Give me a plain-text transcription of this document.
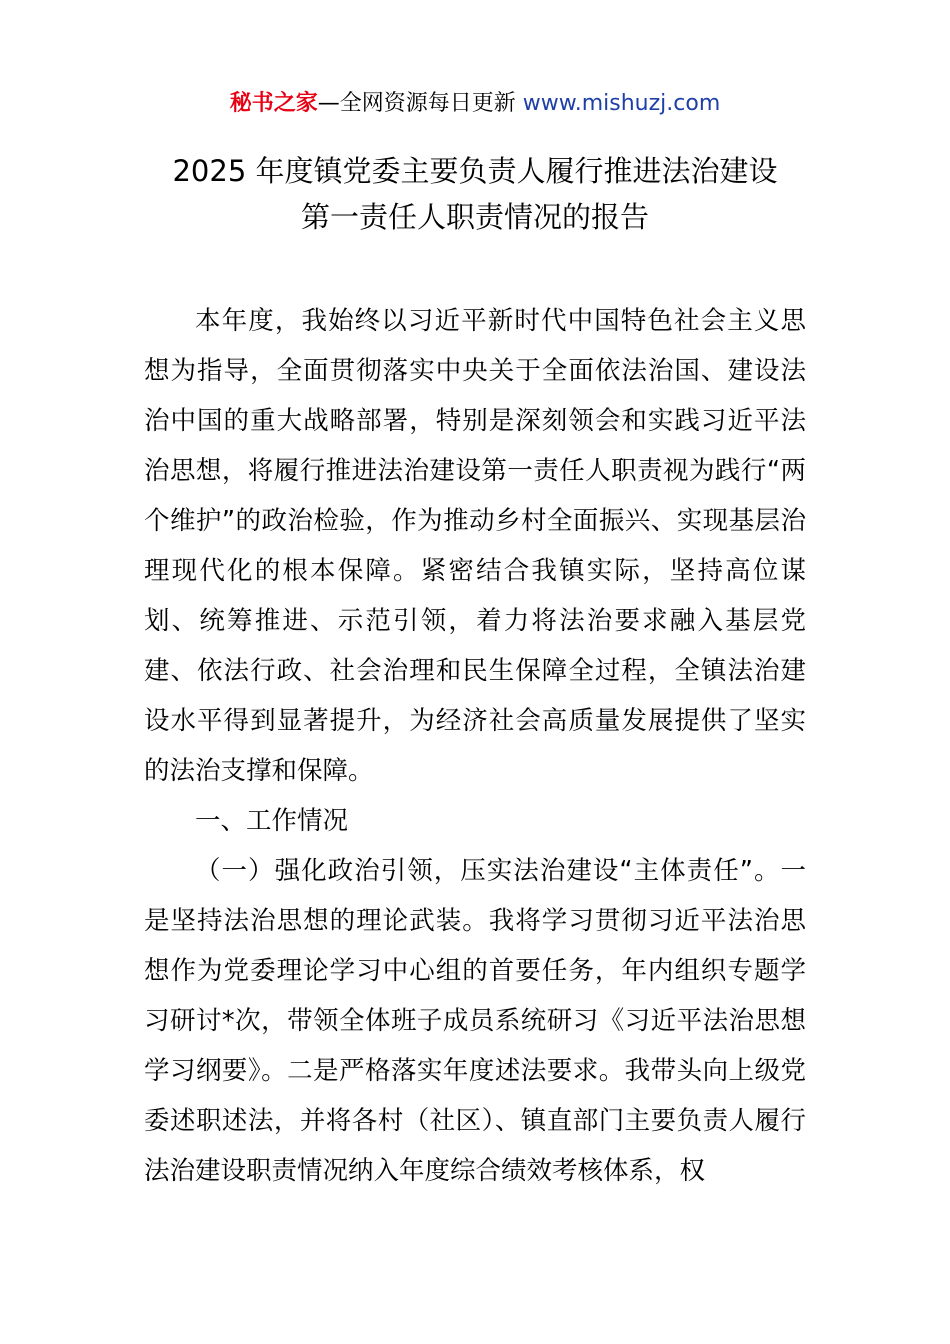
秘书之家—全网资源每日更新 www.mishuzj.com
2025 年度镇党委主要负责人履行推进法治建设
第一责任人职责情况的报告

本年度，我始终以习近平新时代中国特色社会主义思想为指导，全面贯彻落实中央关于全面依法治国、建设法治中国的重大战略部署，特别是深刻领会和实践习近平法治思想，将履行推进法治建设第一责任人职责视为践行“两个维护”的政治检验，作为推动乡村全面振兴、实现基层治理现代化的根本保障。紧密结合我镇实际，坚持高位谋划、统筹推进、示范引领，着力将法治要求融入基层党建、依法行政、社会治理和民生保障全过程，全镇法治建设水平得到显著提升，为经济社会高质量发展提供了坚实的法治支撑和保障。

一、工作情况

（一）强化政治引领，压实法治建设“主体责任”。一是坚持法治思想的理论武装。我将学习贯彻习近平法治思想作为党委理论学习中心组的首要任务，年内组织专题学习研讨*次，带领全体班子成员系统研习《习近平法治思想学习纲要》。二是严格落实年度述法要求。我带头向上级党委述职述法，并将各村（社区）、镇直部门主要负责人履行法治建设职责情况纳入年度综合绩效考核体系，权
